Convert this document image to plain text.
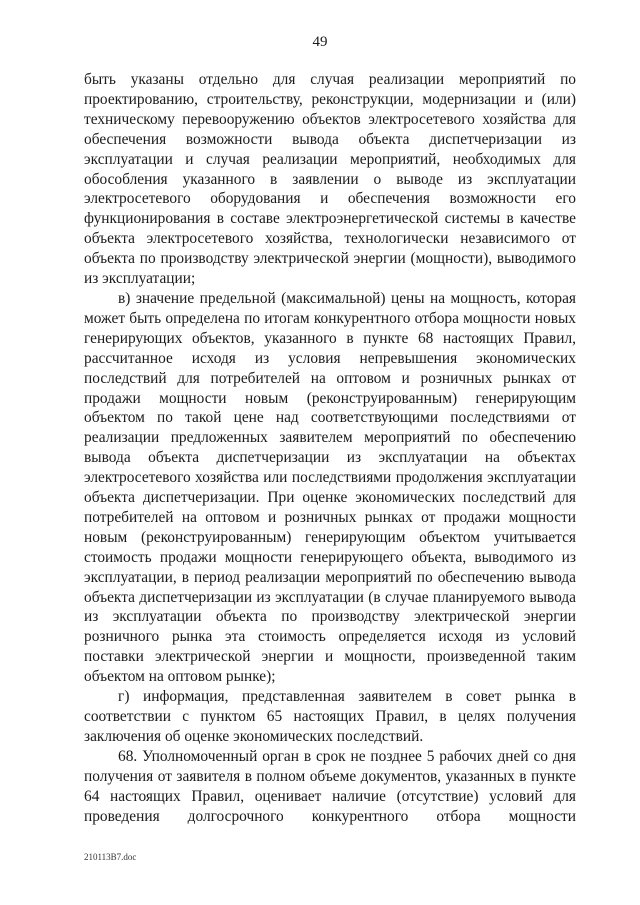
49

быть указаны отдельно для случая реализации мероприятий по проектированию, строительству, реконструкции, модернизации и (или) техническому перевооружению объектов электросетевого хозяйства для обеспечения возможности вывода объекта диспетчеризации из эксплуатации и случая реализации мероприятий, необходимых для обособления указанного в заявлении о выводе из эксплуатации электросетевого оборудования и обеспечения возможности его функционирования в составе электроэнергетической системы в качестве объекта электросетевого хозяйства, технологически независимого от объекта по производству электрической энергии (мощности), выводимого из эксплуатации;

в) значение предельной (максимальной) цены на мощность, которая может быть определена по итогам конкурентного отбора мощности новых генерирующих объектов, указанного в пункте 68 настоящих Правил, рассчитанное исходя из условия непревышения экономических последствий для потребителей на оптовом и розничных рынках от продажи мощности новым (реконструированным) генерирующим объектом по такой цене над соответствующими последствиями от реализации предложенных заявителем мероприятий по обеспечению вывода объекта диспетчеризации из эксплуатации на объектах электросетевого хозяйства или последствиями продолжения эксплуатации объекта диспетчеризации. При оценке экономических последствий для потребителей на оптовом и розничных рынках от продажи мощности новым (реконструированным) генерирующим объектом учитывается стоимость продажи мощности генерирующего объекта, выводимого из эксплуатации, в период реализации мероприятий по обеспечению вывода объекта диспетчеризации из эксплуатации (в случае планируемого вывода из эксплуатации объекта по производству электрической энергии розничного рынка эта стоимость определяется исходя из условий поставки электрической энергии и мощности, произведенной таким объектом на оптовом рынке);

г) информация, представленная заявителем в совет рынка в соответствии с пунктом 65 настоящих Правил, в целях получения заключения об оценке экономических последствий.

68. Уполномоченный орган в срок не позднее 5 рабочих дней со дня получения от заявителя в полном объеме документов, указанных в пункте 64 настоящих Правил, оценивает наличие (отсутствие) условий для проведения долгосрочного конкурентного отбора мощности

210113В7.doc
